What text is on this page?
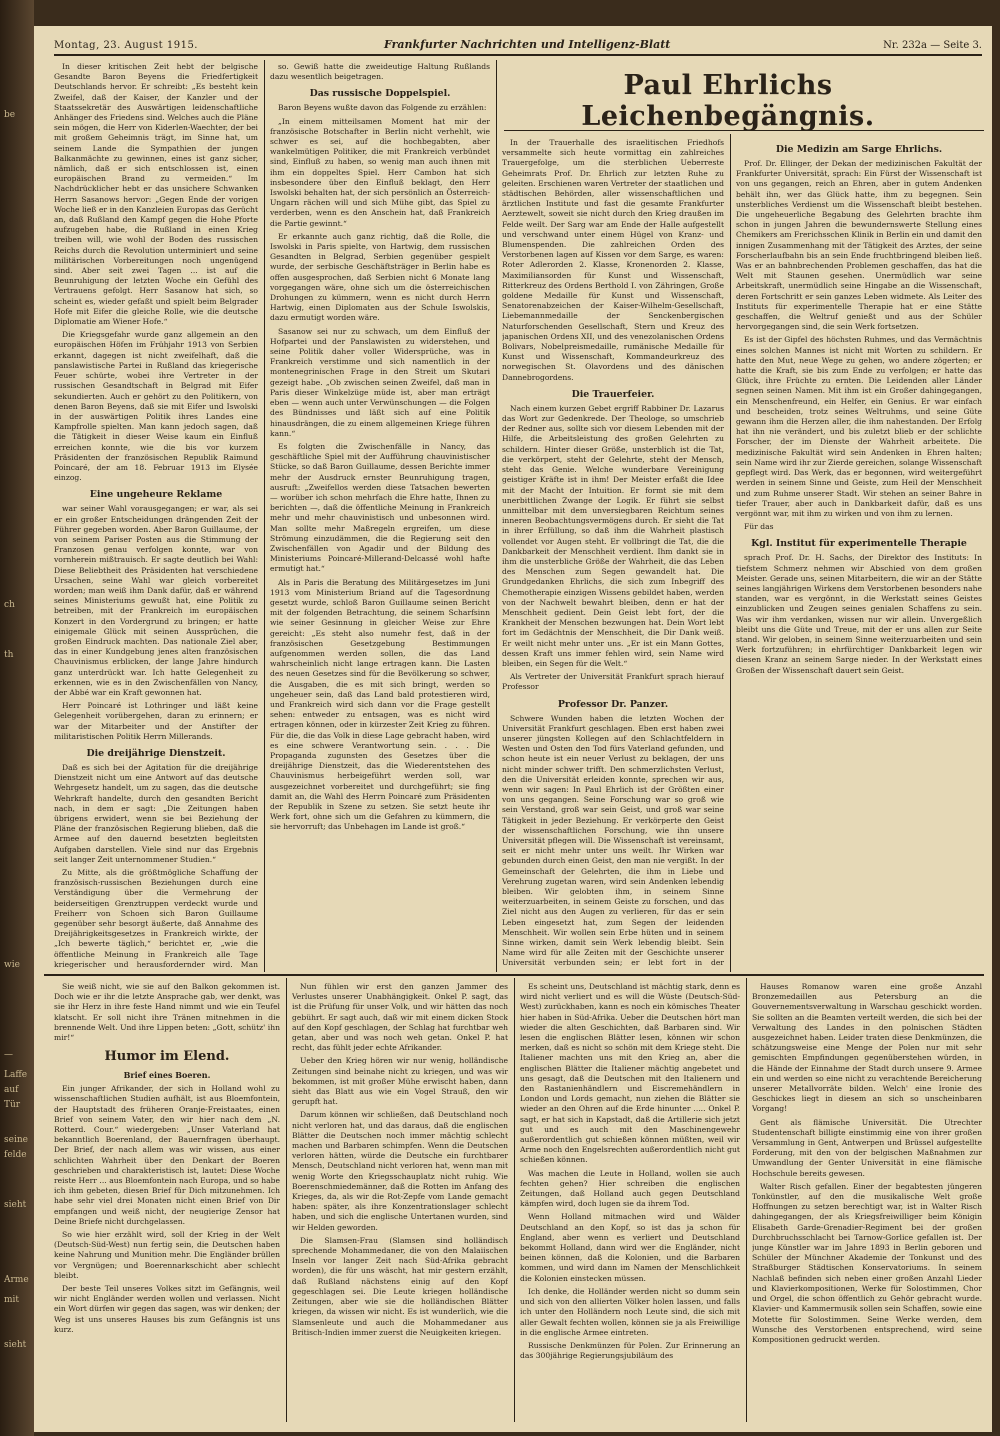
be
ch
th
wie
—
Laffe
auf
Tür
seine
felde
sieht
Arme
mit
sieht
Montag, 23. August 1915.	Frankfurter Nachrichten und Intelligenz-Blatt	Nr. 232a — Seite 3.

In dieser kritischen Zeit hebt der belgische Gesandte Baron Beyens die Friedfertigkeit Deutschlands hervor. Er schreibt: „Es besteht kein Zweifel, daß der Kaiser, der Kanzler und der Staatssekretär des Auswärtigen leidenschaftliche Anhänger des Friedens sind. Welches auch die Pläne sein mögen, die Herr von Kiderlen-Waechter, der bei mit großem Geheimnis trägt, im Sinne hat, um seinem Lande die Sympathien der jungen Balkanmächte zu gewinnen, eines ist ganz sicher, nämlich, daß er sich entschlossen ist, einen europäischen Brand zu vermeiden.“ Im Nachdrücklicher hebt er das unsichere Schwanken Herrn Sasanows hervor: „Gegen Ende der vorigen Woche ließ er in den Kanzleien Europas das Gerücht an, daß Rußland den Kampf gegen die Hohe Pforte aufzugeben habe, die Rußland in einen Krieg treiben will, wie wohl der Boden des russischen Reichs durch die Revolution unterminiert und seine militärischen Vorbereitungen noch ungenügend sind. Aber seit zwei Tagen ... ist auf die Beunruhigung der letzten Woche ein Gefühl des Vertrauens gefolgt. Herr Sasanow hat sich, so scheint es, wieder gefaßt und spielt beim Belgrader Hofe mit Eifer die gleiche Rolle, wie die deutsche Diplomatie am Wiener Hofe.“

Die Kriegsgefahr wurde ganz allgemein an den europäischen Höfen im Frühjahr 1913 von Serbien erkannt, dagegen ist nicht zweifelhaft, daß die panslawistische Partei in Rußland das kriegerische Feuer schürte, wobei ihre Vertreter in der russischen Gesandtschaft in Belgrad mit Eifer sekundierten. Auch er gehört zu den Politikern, von denen Baron Beyens, daß sie mit Eifer und Iswolski in der auswärtigen Politik ihres Landes eine Kampfrolle spielten. Man kann jedoch sagen, daß die Tätigkeit in dieser Weise kaum ein Einfluß erreichen konnte, wie die bis vor kurzem Präsidenten der französischen Republik Raimund Poincaré, der am 18. Februar 1913 im Elysée einzog.

Eine ungeheure Reklame

war seiner Wahl vorausgegangen; er war, als sei er ein großer Entscheidungen drängenden Zeit der Führer gegeben worden. Aber Baron Guillaume, der von seinem Pariser Posten aus die Stimmung der Franzosen genau verfolgen konnte, war von vornherein mißtrauisch. Er sagte deutlich bei Wahl: Diese Beliebtheit des Präsidenten hat verschiedene Ursachen, seine Wahl war gleich vorbereitet worden; man weiß ihm Dank dafür, daß er während seines Ministeriums gewußt hat, eine Politik zu betreiben, mit der Frankreich im europäischen Konzert in den Vordergrund zu bringen; er hatte einigemale Glück mit seinen Aussprüchen, die großen Eindruck machten. Das nationale Ziel aber, das in einer Kundgebung jenes alten französischen Chauvinismus erblicken, der lange Jahre hindurch ganz unterdrückt war. Ich hatte Gelegenheit zu erkennen, wie es in den Zwischenfällen von Nancy, der Abbé war ein Kraft gewonnen hat.

Herr Poincaré ist Lothringer und läßt keine Gelegenheit vorübergehen, daran zu erinnern; er war der Mitarbeiter und der Anstifter der militaristischen Politik Herrn Millerands.

Die dreijährige Dienstzeit.

Daß es sich bei der Agitation für die dreijährige Dienstzeit nicht um eine Antwort auf das deutsche Wehrgesetz handelt, um zu sagen, das die deutsche Wehrkraft handelte, durch den gesandten Bericht nach, in dem er sagt: „Die Zeitungen haben übrigens erwidert, wenn sie bei Beziehung der Pläne der französischen Regierung blieben, daß die Armee auf den dauernd besetzten begleitsten Aufgaben darstellen. Viele sind nur das Ergebnis seit langer Zeit unternommener Studien.“

Zu Mitte, als die größtmögliche Schaffung der französisch-russischen Beziehungen durch eine Verständigung über die Vermehrung der beiderseitigen Grenztruppen verdeckt wurde und Freiherr von Schoen sich Baron Guillaume gegenüber sehr besorgt äußerte, daß Annahme des Dreijährigkeitsgesetzes in Frankreich wirkte, der „Ich bewerte täglich,“ berichtet er, „wie die öffentliche Meinung in Frankreich alle Tage kriegerischer und herausfordernder wird. Man

so. Gewiß hatte die zweideutige Haltung Rußlands dazu wesentlich beigetragen.

Das russische Doppelspiel.

Baron Beyens wußte davon das Folgende zu erzählen:

„In einem mitteilsamen Moment hat mir der französische Botschafter in Berlin nicht verhehlt, wie schwer es sei, auf die hochbegabten, aber wankelmütigen Politiker, die mit Frankreich verbündet sind, Einfluß zu haben, so wenig man auch ihnen mit ihm ein doppeltes Spiel. Herr Cambon hat sich insbesondere über den Einfluß beklagt, den Herr Iswolski behalten hat, der sich persönlich an Österreich-Ungarn rächen will und sich Mühe gibt, das Spiel zu verderben, wenn es den Anschein hat, daß Frankreich die Partie gewinnt.“

Er erkannte auch ganz richtig, daß die Rolle, die Iswolski in Paris spielte, von Hartwig, dem russischen Gesandten in Belgrad, Serbien gegenüber gespielt wurde, der serbische Geschäftsträger in Berlin habe es offen ausgesprochen, daß Serbien nicht 6 Monate lang vorgegangen wäre, ohne sich um die österreichischen Drohungen zu kümmern, wenn es nicht durch Herrn Hartwig, einen Diplomaten aus der Schule Iswolskis, dazu ermutigt worden wäre.

Sasanow sei nur zu schwach, um dem Einfluß der Hofpartei und der Panslawisten zu widerstehen, und seine Politik daher voller Widersprüche, was in Frankreich verstimme und sich namentlich in der montenegrinischen Frage in den Streit um Skutari gezeigt habe. „Ob zwischen seinen Zweifel, daß man in Paris dieser Winkelzüge müde ist, aber man erträgt eben — wenn auch unter Verwünschungen — die Folgen des Bündnisses und läßt sich auf eine Politik hinausdrängen, die zu einem allgemeinen Kriege führen kann.“

Es folgten die Zwischenfälle in Nancy, das geschäftliche Spiel mit der Aufführung chauvinistischer Stücke, so daß Baron Guillaume, dessen Berichte immer mehr der Ausdruck ernster Beunruhigung tragen, ausruft: „Zweifellos werden diese Tatsachen bewerten — worüber ich schon mehrfach die Ehre hatte, Ihnen zu berichten —, daß die öffentliche Meinung in Frankreich mehr und mehr chauvinistisch und unbesonnen wird. Man sollte mehr Maßregeln ergreifen, um diese Strömung einzudämmen, die die Regierung seit den Zwischenfällen von Agadir und der Bildung des Ministeriums Poincaré-Millerand-Delcassé wohl hafte ermutigt hat.“

Als in Paris die Beratung des Militärgesetzes im Juni 1913 vom Ministerium Briand auf die Tagesordnung gesetzt wurde, schloß Baron Guillaume seinen Bericht mit der folgenden Betrachtung, die seinem Scharfsinn wie seiner Gesinnung in gleicher Weise zur Ehre gereicht: „Es steht also numehr fest, daß in der französischen Gesetzgebung Bestimmungen aufgenommen werden sollen, die das Land wahrscheinlich nicht lange ertragen kann. Die Lasten des neuen Gesetzes sind für die Bevölkerung so schwer, die Ausgaben, die es mit sich bringt, werden so ungeheuer sein, daß das Land bald protestieren wird, und Frankreich wird sich dann vor die Frage gestellt sehen: entweder zu entsagen, was es nicht wird ertragen können, oder in kürzester Zeit Krieg zu führen. Für die, die das Volk in diese Lage gebracht haben, wird es eine schwere Verantwortung sein. . . . Die Propaganda zugunsten des Gesetzes über die dreijährige Dienstzeit, das die Wiederentstehen des Chauvinismus herbeigeführt werden soll, war ausgezeichnet vorbereitet und durchgeführt; sie fing damit an, die Wahl des Herrn Poincaré zum Präsidenten der Republik in Szene zu setzen. Sie setzt heute ihr Werk fort, ohne sich um die Gefahren zu kümmern, die sie hervorruft; das Unbehagen im Lande ist groß.“

Paul Ehrlichs Leichenbegängnis.

In der Trauerhalle des israelitischen Friedhofs versammelte sich heute vormittag ein zahlreiches Trauergefolge, um die sterblichen Ueberreste Geheimrats Prof. Dr. Ehrlich zur letzten Ruhe zu geleiten. Erschienen waren Vertreter der staatlichen und städtischen Behörden, aller wissenschaftlichen und ärztlichen Institute und fast die gesamte Frankfurter Aerztewelt, soweit sie nicht durch den Krieg draußen im Felde weilt. Der Sarg war am Ende der Halle aufgestellt und verschwand unter einem Hügel von Kranz- und Blumenspenden. Die zahlreichen Orden des Verstorbenen lagen auf Kissen vor dem Sarge, es waren: Roter Adlerorden 2. Klasse, Kronenorden 2. Klasse, Maximiliansorden für Kunst und Wissenschaft, Ritterkreuz des Ordens Berthold I. von Zähringen, Große goldene Medaille für Kunst und Wissenschaft, Senatorenabzeichen der Kaiser-Wilhelm-Gesellschaft, Liebemannmedaille der Senckenbergischen Naturforschenden Gesellschaft, Stern und Kreuz des japanischen Ordens XII, und des venezolanischen Ordens Bolivars, Nobelpreismedaille, rumänische Medaille für Kunst und Wissenschaft, Kommandeurkreuz des norwegischen St. Olavordens und des dänischen Dannebrogordens.

Die Trauerfeier.

Nach einem kurzen Gebet ergriff Rabbiner Dr. Lazarus das Wort zur Gedenkrede. Der Theologe, so umschrieb der Redner aus, sollte sich vor diesem Lebenden mit der Hilfe, die Arbeitsleistung des großen Gelehrten zu schildern. Hinter dieser Größe, unsterblich ist die Tat, die verkörpert, steht der Gelehrte, steht der Mensch, steht das Genie. Welche wunderbare Vereinigung geistiger Kräfte ist in ihm! Der Meister erfaßt die Idee mit der Macht der Intuition. Er formt sie mit dem unerbittlichen Zwange der Logik. Er führt sie selbst unmittelbar mit dem unversiegbaren Reichtum seines inneren Beobachtungsvermögens durch. Er sieht die Tat in ihrer Erfüllung, so daß ihm die Wahrheit plastisch vollendet vor Augen steht. Er vollbringt die Tat, die die Dankbarkeit der Menschheit verdient. Ihm dankt sie in ihm die unsterbliche Größe der Wahrheit, die das Leben des Menschen zum Segen gewandelt hat. Die Grundgedanken Ehrlichs, die sich zum Inbegriff des Chemotherapie einzigen Wissens gebildet haben, werden von der Nachwelt bewahrt bleiben, denn er hat der Menschheit gedient. Dein Geist lebt fort, der die Krankheit der Menschen bezwungen hat. Dein Wort lebt fort im Gedächtnis der Menschheit, die Dir Dank weiß. Er weilt nicht mehr unter uns. „Er ist ein Mann Gottes, dessen Kraft uns immer fehlen wird, sein Name wird bleiben, ein Segen für die Welt.“

Als Vertreter der Universität Frankfurt sprach hierauf Professor

Professor Dr. Panzer.

Schwere Wunden haben die letzten Wochen der Universität Frankfurt geschlagen. Eben erst haben zwei unserer jüngsten Kollegen auf den Schlachtfeldern in Westen und Osten den Tod fürs Vaterland gefunden, und schon heute ist ein neuer Verlust zu beklagen, der uns nicht minder schwer trifft. Den schmerzlichsten Verlust, den die Universität erleiden konnte, sprechen wir aus, wenn wir sagen: In Paul Ehrlich ist der Größten einer von uns gegangen. Seine Forschung war so groß wie sein Verstand, groß war sein Geist, und groß war seine Tätigkeit in jeder Beziehung. Er verkörperte den Geist der wissenschaftlichen Forschung, wie ihn unsere Universität pflegen will. Die Wissenschaft ist vereinsamt, seit er nicht mehr unter uns weilt. Ihr Wirken war gebunden durch einen Geist, den man nie vergißt. In der Gemeinschaft der Gelehrten, die ihm in Liebe und Verehrung zugetan waren, wird sein Andenken lebendig bleiben. Wir gelobten ihm, in seinem Sinne weiterzuarbeiten, in seinem Geiste zu forschen, und das Ziel nicht aus den Augen zu verlieren, für das er sein Leben eingesetzt hat, zum Segen der leidenden Menschheit. Wir wollen sein Erbe hüten und in seinem Sinne wirken, damit sein Werk lebendig bleibt. Sein Name wird für alle Zeiten mit der Geschichte unserer Universität verbunden sein; er lebt fort in der

Die Medizin am Sarge Ehrlichs.

Prof. Dr. Ellinger, der Dekan der medizinischen Fakultät der Frankfurter Universität, sprach: Ein Fürst der Wissenschaft ist von uns gegangen, reich an Ehren, aber in gutem Andenken behält ihn, wer das Glück hatte, ihm zu begegnen. Sein unsterbliches Verdienst um die Wissenschaft bleibt bestehen. Die ungeheuerliche Begabung des Gelehrten brachte ihm schon in jungen Jahren die bewundernswerte Stellung eines Chemikers am Frerichsschen Klinik in Berlin ein und damit den innigen Zusammenhang mit der Tätigkeit des Arztes, der seine Forscherlaufbahn bis an sein Ende fruchtbringend bleiben ließ. Was er an bahnbrechenden Problemen geschaffen, das hat die Welt mit Staunen gesehen. Unermüdlich war seine Arbeitskraft, unermüdlich seine Hingabe an die Wissenschaft, deren Fortschritt er sein ganzes Leben widmete. Als Leiter des Instituts für experimentelle Therapie hat er eine Stätte geschaffen, die Weltruf genießt und aus der Schüler hervorgegangen sind, die sein Werk fortsetzen.

Es ist der Gipfel des höchsten Ruhmes, und das Vermächtnis eines solchen Mannes ist nicht mit Worten zu schildern. Er hatte den Mut, neue Wege zu gehen, wo andere zögerten; er hatte die Kraft, sie bis zum Ende zu verfolgen; er hatte das Glück, ihre Früchte zu ernten. Die Leidenden aller Länder segnen seinen Namen. Mit ihm ist ein Großer dahingegangen, ein Menschenfreund, ein Helfer, ein Genius. Er war einfach und bescheiden, trotz seines Weltruhms, und seine Güte gewann ihm die Herzen aller, die ihm nahestanden. Der Erfolg hat ihn nie verändert, und bis zuletzt blieb er der schlichte Forscher, der im Dienste der Wahrheit arbeitete. Die medizinische Fakultät wird sein Andenken in Ehren halten; sein Name wird ihr zur Zierde gereichen, solange Wissenschaft gepflegt wird. Das Werk, das er begonnen, wird weitergeführt werden in seinem Sinne und Geiste, zum Heil der Menschheit und zum Ruhme unserer Stadt. Wir stehen an seiner Bahre in tiefer Trauer, aber auch in Dankbarkeit dafür, daß es uns vergönnt war, mit ihm zu wirken und von ihm zu lernen.

Für das

Kgl. Institut für experimentelle Therapie

sprach Prof. Dr. H. Sachs, der Direktor des Instituts: In tiefstem Schmerz nehmen wir Abschied von dem großen Meister. Gerade uns, seinen Mitarbeitern, die wir an der Stätte seines langjährigen Wirkens dem Verstorbenen besonders nahe standen, war es vergönnt, in die Werkstatt seines Geistes einzublicken und Zeugen seines genialen Schaffens zu sein. Was wir ihm verdanken, wissen nur wir allein. Unvergeßlich bleibt uns die Güte und Treue, mit der er uns allen zur Seite stand. Wir geloben, in seinem Sinne weiterzuarbeiten und sein Werk fortzuführen; in ehrfürchtiger Dankbarkeit legen wir diesen Kranz an seinem Sarge nieder. In der Werkstatt eines Großen der Wissenschaft dauert sein Geist.

Sie weiß nicht, wie sie auf den Balkon gekommen ist. Doch wie er ihr die letzte Ansprache gab, wer denkt, was sie ihr Herz in ihre feste Hand nimmt und wie ein Teufel klatscht. Er soll nicht ihre Tränen mitnehmen in die brennende Welt. Und ihre Lippen beten: „Gott, schütz' ihn mir!“

Humor im Elend.
Brief eines Boeren.

Ein junger Afrikander, der sich in Holland wohl zu wissenschaftlichen Studien aufhält, ist aus Bloemfontein, der Hauptstadt des früheren Oranje-Freistaates, einen Brief von seinem Vater, den wir hier nach dem „N. Rotterd. Cour.“ wiedergeben: „Unser Vaterland hat bekanntlich Boerenland, der Bauernfragen überhaupt. Der Brief, der nach allem was wir wissen, aus einer schlichten Wahrheit über den Denkart der Boeren geschrieben und charakteristisch ist, lautet: Diese Woche reiste Herr ... aus Bloemfontein nach Europa, und so habe ich ihm gebeten, diesen Brief für Dich mitzunehmen. Ich habe sehr viel drei Monaten nicht einen Brief von Dir empfangen und weiß nicht, der neugierige Zensor hat Deine Briefe nicht durchgelassen.

So wie hier erzählt wird, soll der Krieg in der Welt (Deutsch-Süd-West) nun fertig sein, die Deutschen haben keine Nahrung und Munition mehr. Die Engländer brüllen vor Vergnügen; und Boerennarkschicht aber schlecht bleibt.

Der beste Teil unseres Volkes sitzt im Gefängnis, weil wir nicht Engländer werden wollen und verlassen. Nicht ein Wort dürfen wir gegen das sagen, was wir denken; der Weg ist uns unseres Hauses bis zum Gefängnis ist uns kurz.

Nun fühlen wir erst den ganzen Jammer des Verlustes unserer Unabhängigkeit. Onkel P. sagt, das ist die Prüfung für unser Volk, und wir hätten das noch gebührt. Er sagt auch, daß wir mit einem dicken Stock auf den Kopf geschlagen, der Schlag hat furchtbar weh getan, aber und was noch weh getan. Onkel P. hat recht, das fühlt jeder echte Afrikander.

Ueber den Krieg hören wir nur wenig, holländische Zeitungen sind beinahe nicht zu kriegen, und was wir bekommen, ist mit großer Mühe erwischt haben, dann sieht das Blatt aus wie ein Vogel Strauß, den wir gerupft hat.

Darum können wir schließen, daß Deutschland noch nicht verloren hat, und das daraus, daß die englischen Blätter die Deutschen noch immer mächtig schlecht machen und Barbaren schimpfen. Wenn die Deutschen verloren hätten, würde die Deutsche ein furchtbarer Mensch, Deutschland nicht verloren hat, wenn man mit wenig Worte den Kriegsschauplatz nicht ruhig. Wie Boerenschmiedemänner, daß die Rotten im Anfang des Krieges, da, als wir die Rot-Zepfe vom Lande gemacht haben: später, als ihre Konzentrationslager schlecht haben, und sich die englische Untertanen wurden, sind wir Helden geworden.

Die Slamsen-Frau (Slamsen sind holländisch sprechende Mohammedaner, die von den Malaiischen Inseln vor langer Zeit nach Süd-Afrika gebracht worden), die für uns wäscht, hat mir gestern erzählt, daß Rußland nächstens einig auf den Kopf gegeschlagen sei. Die Leute kriegen holländische Zeitungen, aber wie sie die holländischen Blätter kriegen, da wissen wir nicht. Es ist wunderlich, wie die Slamsenleute und auch die Mohammedaner aus Britisch-Indien immer zuerst die Neuigkeiten kriegen.

Es scheint uns, Deutschland ist mächtig stark, denn es wird nicht verliert und es will die Wüste (Deutsch-Süd-West) zurückhaben, kann es noch ein kömisches Theater hier haben in Süd-Afrika. Ueber die Deutschen hört man wieder die alten Geschichten, daß Barbaren sind. Wir lesen die englischen Blätter lesen, können wir schon merken, daß es nicht so schön mit dem Kriege steht. Die Italiener machten uns mit den Krieg an, aber die englischen Blätter die Italiener mächtig angebetet und uns gesagt, daß die Deutschen mit den Italienern und den Rastanienhändlern und Eiscremehändlern in London und Lords gemacht, nun ziehen die Blätter sie wieder an den Ohren auf die Erde hinunter ..... Onkel P. sagt, er hat sich in Kapstadt, daß die Artillerie sich jetzt gut und es auch mit den Maschinengewehr außerordentlich gut schießen können müßten, weil wir Arme noch den Engelsrechten außerordentlich nicht gut schießen können.

Was machen die Leute in Holland, wollen sie auch fechten gehen? Hier schreiben die englischen Zeitungen, daß Holland auch gegen Deutschland kämpfen wird, doch lugen sie da ihrem Tod.

Wenn Holland mitmachen wird und Wälder Deutschland an den Kopf, so ist das ja schon für England, aber wenn es verliert und Deutschland bekommt Holland, dann wird wer die Engländer, nicht beinen können, daß die Kolonien, und die Barbaren kommen, und wird dann im Namen der Menschlichkeit die Kolonien einstecken müssen.

Ich denke, die Holländer werden nicht so dumm sein und sich von den allierten Völker holen lassen, und falls ich unter den Holländern noch Leute sind, die sich mit aller Gewalt fechten wollen, können sie ja als Freiwillige in die englische Armee eintreten.

Russische Denkmünzen für Polen. Zur Erinnerung an das 300jährige Regierungsjubiläum des

Hauses Romanow waren eine große Anzahl Bronzemedaillen aus Petersburg an die Gouvernementsverwaltung in Warschau geschickt worden. Sie sollten an die Beamten verteilt werden, die sich bei der Verwaltung des Landes in den polnischen Städten ausgezeichnet haben. Leider traten diese Denkmünzen, die schätzungsweise eine Menge der Polen nur mit sehr gemischten Empfindungen gegenüberstehen würden, in die Hände der Einnahme der Stadt durch unsere 9. Armee ein und werden so eine nicht zu verachtende Bereicherung unserer Metallvorräte bilden. Welch' eine Ironie des Geschickes liegt in diesem an sich so unscheinbaren Vorgang!

Gent als flämische Universität. Die Utrechter Studentenschaft billigte einstimmig eine von ihrer großen Versammlung in Gent, Antwerpen und Brüssel aufgestellte Forderung, mit den von der belgischen Maßnahmen zur Umwandlung der Genter Universität in eine flämische Hochschule bereits gewesen.

Walter Risch gefallen. Einer der begabtesten jüngeren Tonkünstler, auf den die musikalische Welt große Hoffnungen zu setzen berechtigt war, ist in Walter Risch dahingegangen, der als Kriegsfreiwilliger beim Königin Elisabeth Garde-Grenadier-Regiment bei der großen Durchbruchsschlacht bei Tarnow-Gorlice gefallen ist. Der junge Künstler war im Jahre 1893 in Berlin geboren und Schüler der Münchner Akademie der Tonkunst und des Straßburger Städtischen Konservatoriums. In seinem Nachlaß befinden sich neben einer großen Anzahl Lieder und Klavierkompositionen, Werke für Solostimmen, Chor und Orgel, die schon öffentlich zu Gehör gebracht wurde. Klavier- und Kammermusik sollen sein Schaffen, sowie eine Motette für Solostimmen. Seine Werke werden, dem Wunsche des Verstorbenen entsprechend, wird seine Kompositionen gedruckt werden.
